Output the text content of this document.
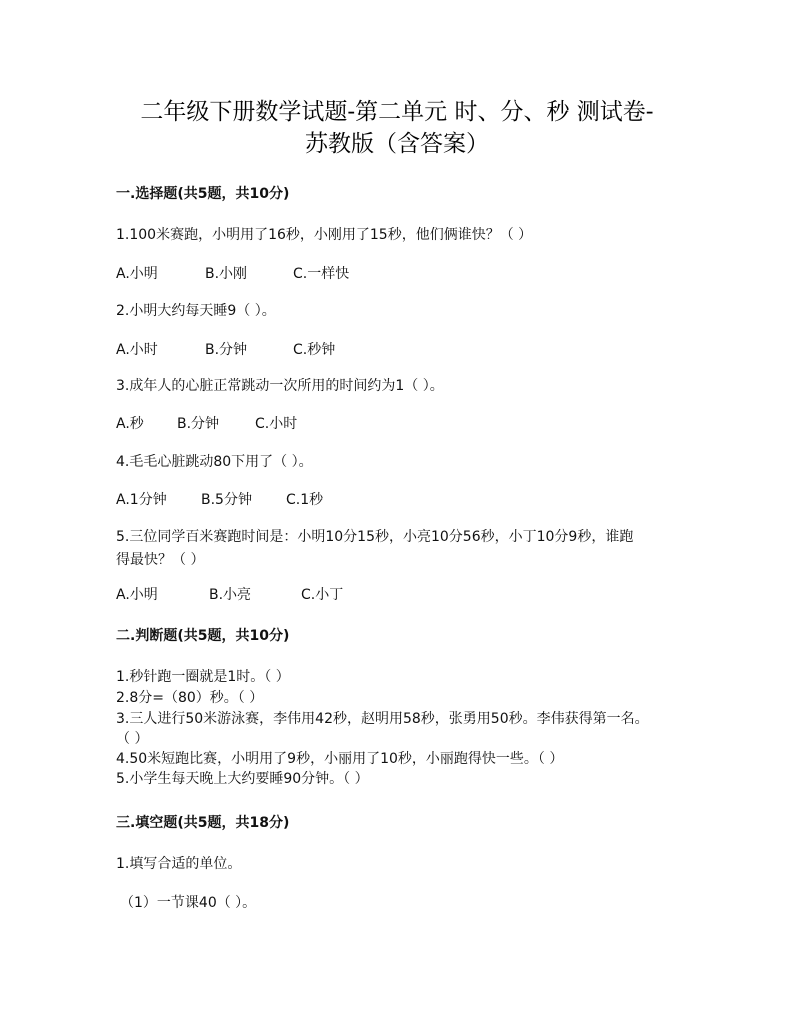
二年级下册数学试题-第二单元 时、分、秒 测试卷-
苏教版（含答案）
一.选择题(共5题，共10分)
1.100米赛跑，小明用了16秒，小刚用了15秒，他们俩谁快？（ ）
A.小明	B.小刚	C.一样快
2.小明大约每天睡9（ ）。
A.小时	B.分钟	C.秒钟
3.成年人的心脏正常跳动一次所用的时间约为1（ ）。
A.秒 B.分钟	C.小时
4.毛毛心脏跳动80下用了（ ）。
A.1分钟 B.5分钟 C.1秒
5.三位同学百米赛跑时间是：小明10分15秒，小亮10分56秒，小丁10分9秒，谁跑
得最快？（ ）
A.小明	B.小亮	C.小丁
二.判断题(共5题，共10分)
1.秒针跑一圈就是1时。（ ）
2.8分=（80）秒。（ ）
3.三人进行50米游泳赛，李伟用42秒，赵明用58秒，张勇用50秒。李伟获得第一名。
（ ）
4.50米短跑比赛，小明用了9秒，小丽用了10秒，小丽跑得快一些。（ ）
5.小学生每天晚上大约要睡90分钟。（ ）
三.填空题(共5题，共18分)
1.填写合适的单位。
（1）一节课40（ ）。
